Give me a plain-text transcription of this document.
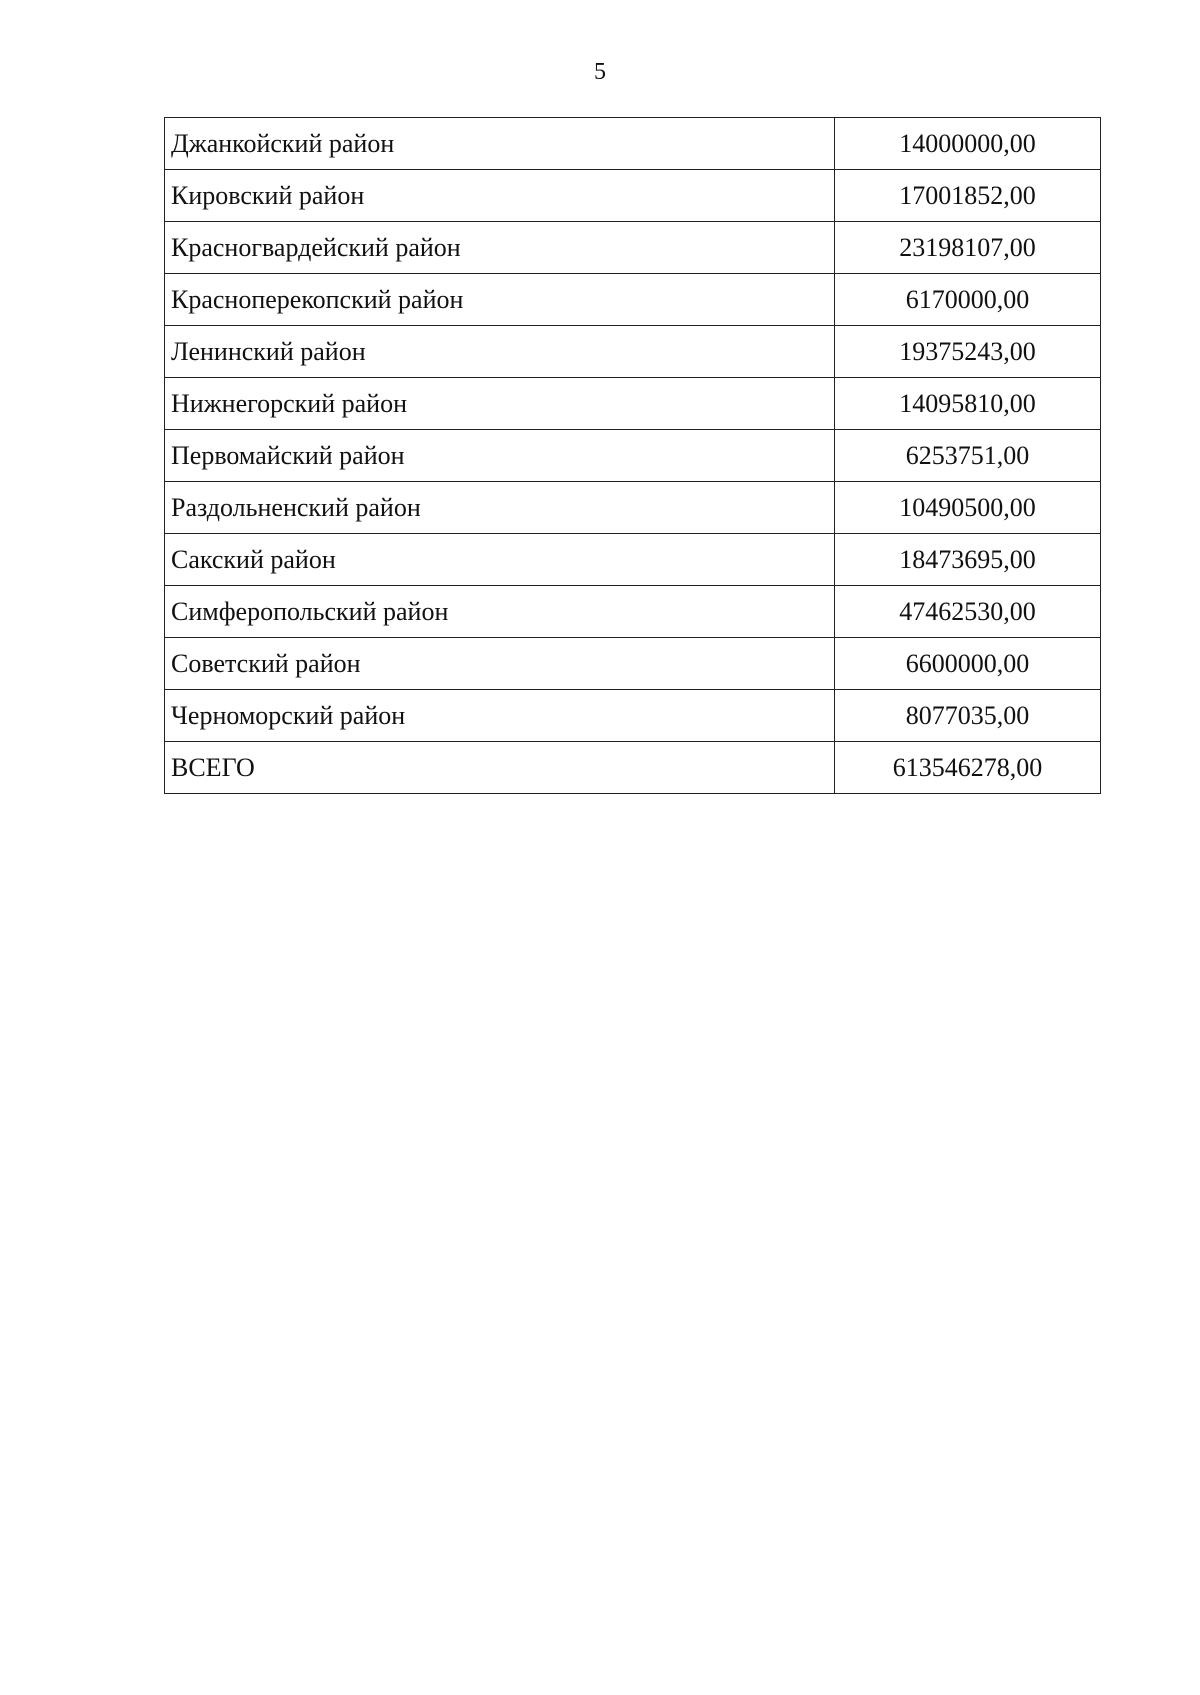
5
Джанкойский район	14000000,00
Кировский район	17001852,00
Красногвардейский район	23198107,00
Красноперекопский район	6170000,00
Ленинский район	19375243,00
Нижнегорский район	14095810,00
Первомайский район	6253751,00
Раздольненский район	10490500,00
Сакский район	18473695,00
Симферопольский район	47462530,00
Советский район	6600000,00
Черноморский район	8077035,00
ВСЕГО	613546278,00
